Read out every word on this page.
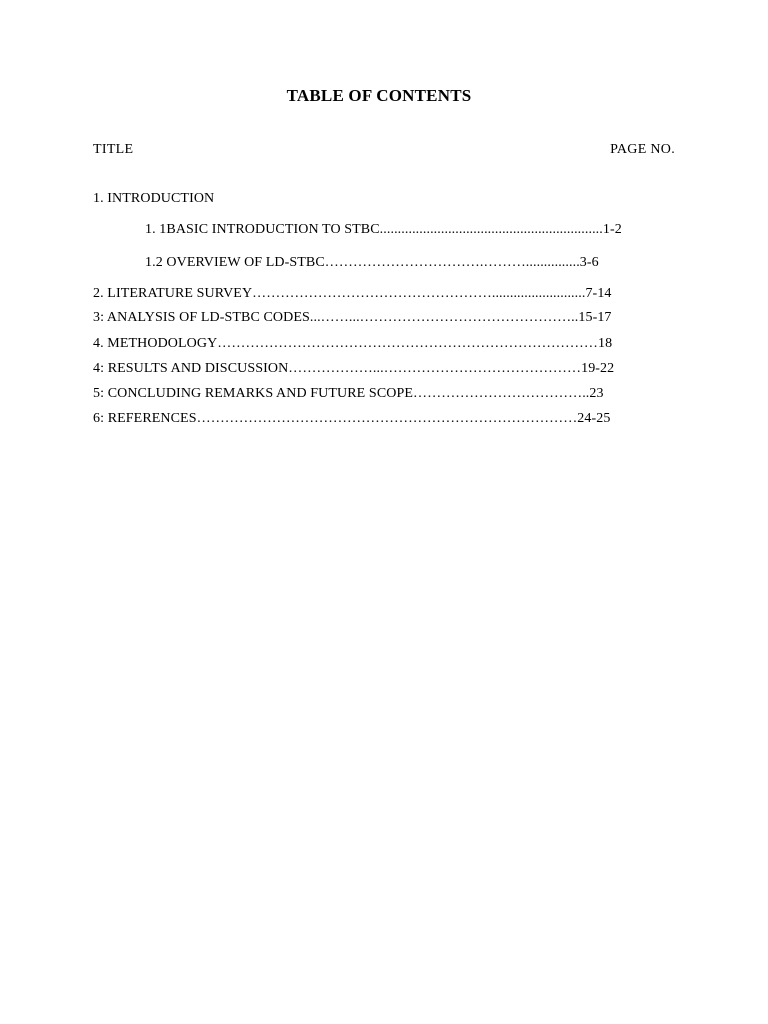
TABLE OF CONTENTS
TITLE	PAGE NO.
1. INTRODUCTION
1. 1BASIC INTRODUCTION TO STBC..............................................................1-2
1.2 OVERVIEW OF LD-STBC…………………………….………...............3-6
2. LITERATURE SURVEY……………………………………………..........................7-14
3: ANALYSIS OF LD-STBC CODES...……...………………………………………..15-17
4. METHODOLOGY………………………………………………………………………18
4: RESULTS AND DISCUSSION………………...……………………………………19-22
5: CONCLUDING REMARKS AND FUTURE SCOPE………………………………..23
6: REFERENCES………………………………………………………………………24-25
